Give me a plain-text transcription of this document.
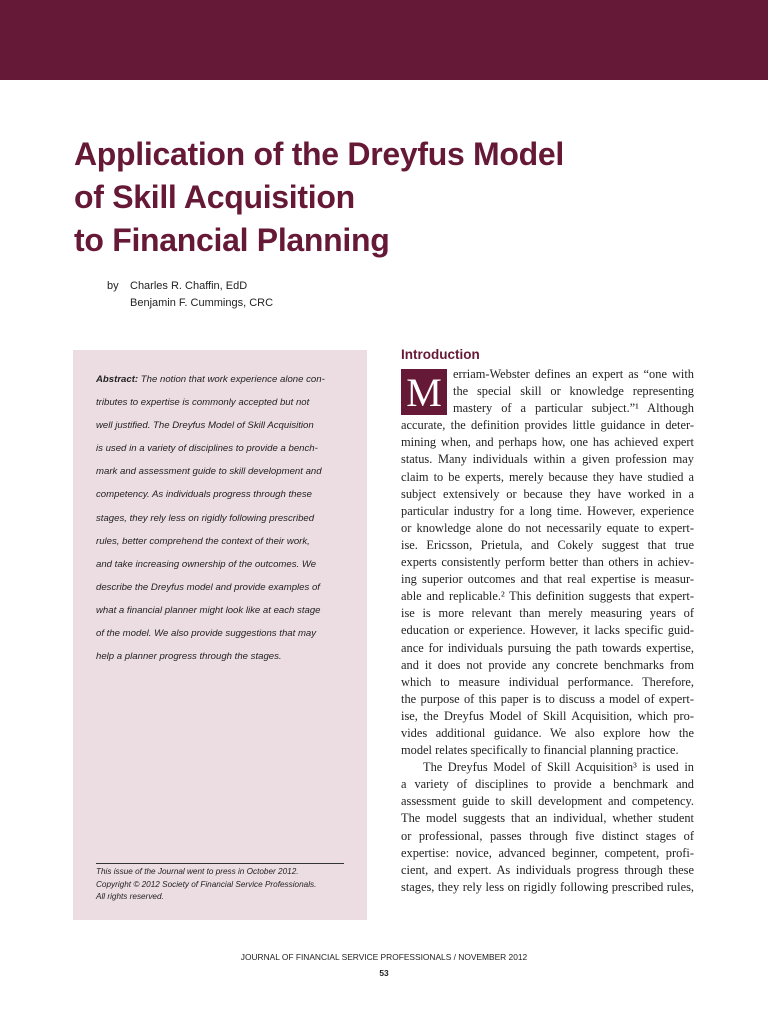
Application of the Dreyfus Model
of Skill Acquisition
to Financial Planning
by Charles R. Chaffin, EdD
Benjamin F. Cummings, CRC
Abstract: The notion that work experience alone con-
tributes to expertise is commonly accepted but not
well justified. The Dreyfus Model of Skill Acquisition
is used in a variety of disciplines to provide a bench-
mark and assessment guide to skill development and
competency. As individuals progress through these
stages, they rely less on rigidly following prescribed
rules, better comprehend the context of their work,
and take increasing ownership of the outcomes. We
describe the Dreyfus model and provide examples of
what a financial planner might look like at each stage
of the model. We also provide suggestions that may
help a planner progress through the stages.
This issue of the Journal went to press in October 2012.
Copyright © 2012 Society of Financial Service Professionals.
All rights reserved.
Introduction
M erriam-Webster defines an expert as “one with
the special skill or knowledge representing
mastery of a particular subject.”¹ Although
accurate, the definition provides little guidance in deter-
mining when, and perhaps how, one has achieved expert
status. Many individuals within a given profession may
claim to be experts, merely because they have studied a
subject extensively or because they have worked in a
particular industry for a long time. However, experience
or knowledge alone do not necessarily equate to expert-
ise. Ericsson, Prietula, and Cokely suggest that true
experts consistently perform better than others in achiev-
ing superior outcomes and that real expertise is measur-
able and replicable.² This definition suggests that expert-
ise is more relevant than merely measuring years of
education or experience. However, it lacks specific guid-
ance for individuals pursuing the path towards expertise,
and it does not provide any concrete benchmarks from
which to measure individual performance. Therefore,
the purpose of this paper is to discuss a model of expert-
ise, the Dreyfus Model of Skill Acquisition, which pro-
vides additional guidance. We also explore how the
model relates specifically to financial planning practice.
The Dreyfus Model of Skill Acquisition³ is used in
a variety of disciplines to provide a benchmark and
assessment guide to skill development and competency.
The model suggests that an individual, whether student
or professional, passes through five distinct stages of
expertise: novice, advanced beginner, competent, profi-
cient, and expert. As individuals progress through these
stages, they rely less on rigidly following prescribed rules,
JOURNAL OF FINANCIAL SERVICE PROFESSIONALS / NOVEMBER 2012
53
